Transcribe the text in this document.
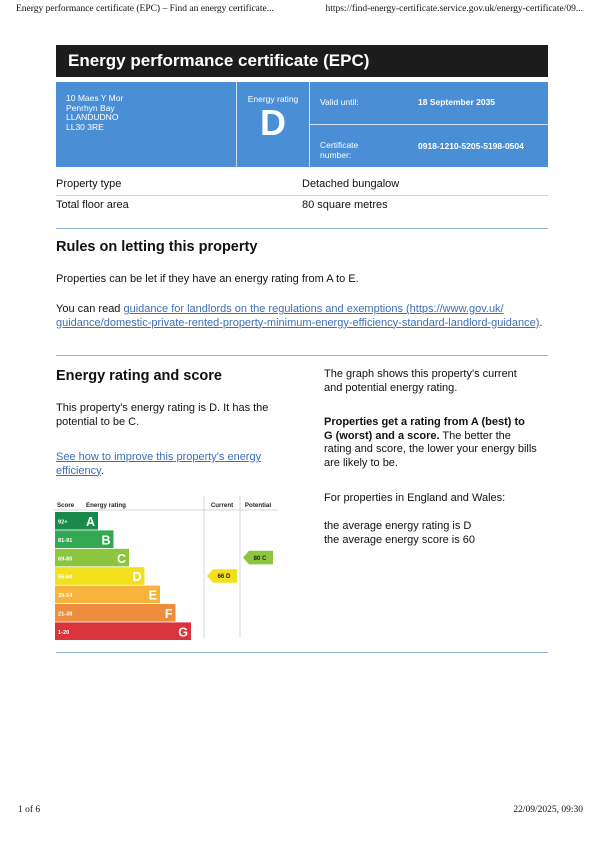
Energy performance certificate (EPC) – Find an energy certificate...	https://find-energy-certificate.service.gov.uk/energy-certificate/09...
Energy performance certificate (EPC)
10 Maes Y Mor
Penrhyn Bay
LLANDUDNO
LL30 3RE
Energy rating
D	Valid until:	18 September 2035
Certificate
number:
0918-1210-5205-5198-0504
Property type	Detached bungalow
Total floor area	80 square metres
Rules on letting this property
Properties can be let if they have an energy rating from A to E.
You can read guidance for landlords on the regulations and exemptions (https://www.gov.uk/
guidance/domestic-private-rented-property-minimum-energy-efficiency-standard-landlord-guidance).
Energy rating and score
This property's energy rating is D. It has the
potential to be C.
See how to improve this property's energy
efficiency.
The graph shows this property's current
and potential energy rating.
Properties get a rating from A (best) to
G (worst) and a score. The better the
rating and score, the lower your energy bills
are likely to be.
For properties in England and Wales:
the average energy rating is D
the average energy score is 60
Score Energy rating	Current Potential
92+ A
81-91 B
69-80	C
55-68	D
39-54	E
21-38	F
1-20	G
66 D
80 C
1 of 6	22/09/2025, 09:30
